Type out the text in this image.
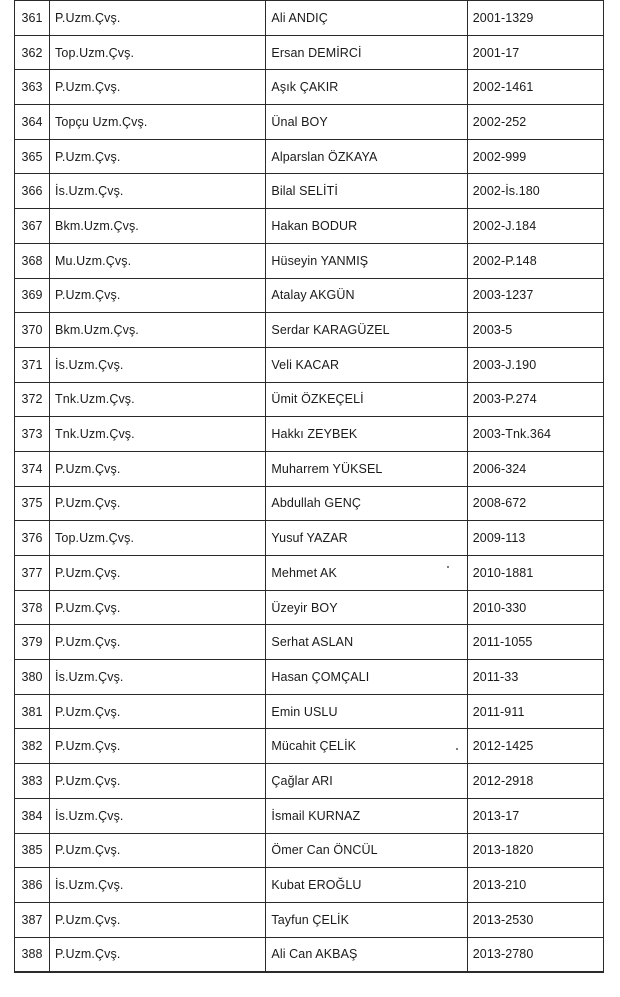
361	P.Uzm.Çvş.	Ali ANDIÇ	2001-1329
362	Top.Uzm.Çvş.	Ersan DEMİRCİ	2001-17
363	P.Uzm.Çvş.	Aşık ÇAKIR	2002-1461
364	Topçu Uzm.Çvş.	Ünal BOY	2002-252
365	P.Uzm.Çvş.	Alparslan ÖZKAYA	2002-999
366	İs.Uzm.Çvş.	Bilal SELİTİ	2002-İs.180
367	Bkm.Uzm.Çvş.	Hakan BODUR	2002-J.184
368	Mu.Uzm.Çvş.	Hüseyin YANMIŞ	2002-P.148
369	P.Uzm.Çvş.	Atalay AKGÜN	2003-1237
370	Bkm.Uzm.Çvş.	Serdar KARAGÜZEL	2003-5
371	İs.Uzm.Çvş.	Veli KACAR	2003-J.190
372	Tnk.Uzm.Çvş.	Ümit ÖZKEÇELİ	2003-P.274
373	Tnk.Uzm.Çvş.	Hakkı ZEYBEK	2003-Tnk.364
374	P.Uzm.Çvş.	Muharrem YÜKSEL	2006-324
375	P.Uzm.Çvş.	Abdullah GENÇ	2008-672
376	Top.Uzm.Çvş.	Yusuf YAZAR	2009-113
377	P.Uzm.Çvş.	Mehmet AK	2010-1881
378	P.Uzm.Çvş.	Üzeyir BOY	2010-330
379	P.Uzm.Çvş.	Serhat ASLAN	2011-1055
380	İs.Uzm.Çvş.	Hasan ÇOMÇALI	2011-33
381	P.Uzm.Çvş.	Emin USLU	2011-911
382	P.Uzm.Çvş.	Mücahit ÇELİK	2012-1425
383	P.Uzm.Çvş.	Çağlar ARI	2012-2918
384	İs.Uzm.Çvş.	İsmail KURNAZ	2013-17
385	P.Uzm.Çvş.	Ömer Can ÖNCÜL	2013-1820
386	İs.Uzm.Çvş.	Kubat EROĞLU	2013-210
387	P.Uzm.Çvş.	Tayfun ÇELİK	2013-2530
388	P.Uzm.Çvş.	Ali Can AKBAŞ	2013-2780
